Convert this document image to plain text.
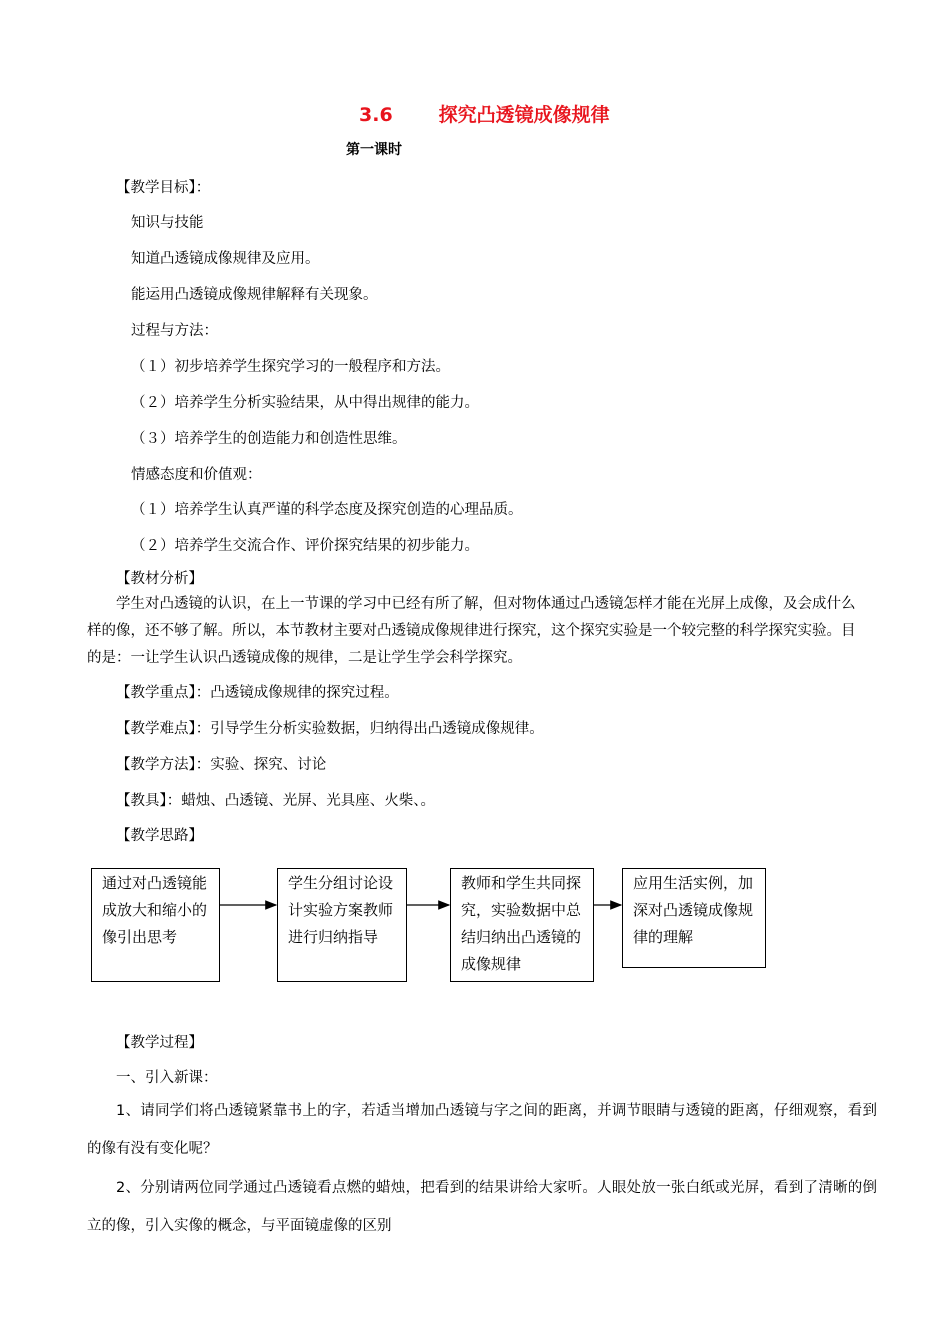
3.6 探究凸透镜成像规律
第一课时
【教学目标】：
知识与技能
知道凸透镜成像规律及应用。
能运用凸透镜成像规律解释有关现象。
过程与方法：
（１）初步培养学生探究学习的一般程序和方法。
（２）培养学生分析实验结果，从中得出规律的能力。
（３）培养学生的创造能力和创造性思维。
情感态度和价值观：
（１）培养学生认真严谨的科学态度及探究创造的心理品质。
（２）培养学生交流合作、评价探究结果的初步能力。
【教材分析】
学生对凸透镜的认识，在上一节课的学习中已经有所了解，但对物体通过凸透镜怎样才能在光屏上成像，及会成什么样的像，还不够了解。所以，本节教材主要对凸透镜成像规律进行探究，这个探究实验是一个较完整的科学探究实验。目的是：一让学生认识凸透镜成像的规律，二是让学生学会科学探究。
【教学重点】：凸透镜成像规律的探究过程。
【教学难点】：引导学生分析实验数据，归纳得出凸透镜成像规律。
【教学方法】：实验、探究、讨论
【教具】：蜡烛、凸透镜、光屏、光具座、火柴、。
【教学思路】
通过对凸透镜能成放大和缩小的像引出思考
学生分组讨论设计实验方案教师进行归纳指导
教师和学生共同探究，实验数据中总结归纳出凸透镜的成像规律
应用生活实例，加深对凸透镜成像规律的理解
【教学过程】
一、引入新课：
1、请同学们将凸透镜紧靠书上的字，若适当增加凸透镜与字之间的距离，并调节眼睛与透镜的距离，仔细观察，看到的像有没有变化呢？
2、分别请两位同学通过凸透镜看点燃的蜡烛，把看到的结果讲给大家听。人眼处放一张白纸或光屏，看到了清晰的倒立的像，引入实像的概念，与平面镜虚像的区别
